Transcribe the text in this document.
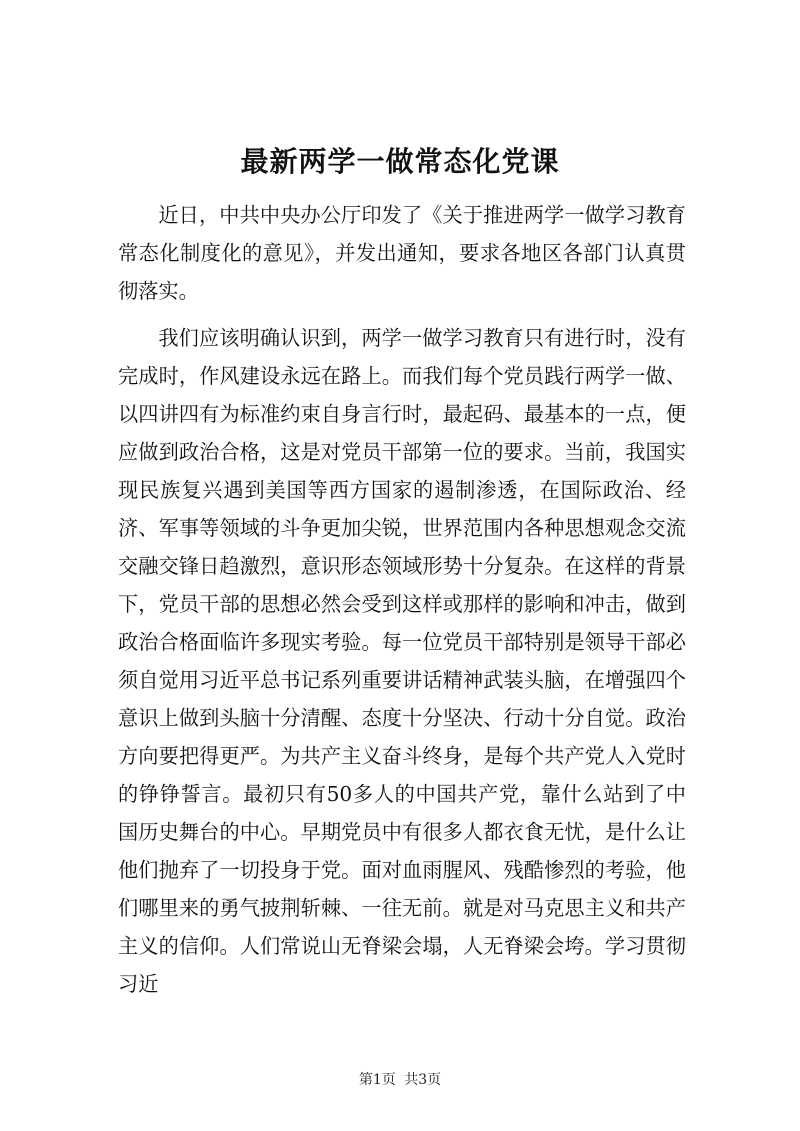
最新两学一做常态化党课

近日，中共中央办公厅印发了《关于推进两学一做学习教育常态化制度化的意见》，并发出通知，要求各地区各部门认真贯彻落实。

我们应该明确认识到，两学一做学习教育只有进行时，没有完成时，作风建设永远在路上。而我们每个党员践行两学一做、以四讲四有为标准约束自身言行时，最起码、最基本的一点，便应做到政治合格，这是对党员干部第一位的要求。当前，我国实现民族复兴遇到美国等西方国家的遏制渗透，在国际政治、经济、军事等领域的斗争更加尖锐，世界范围内各种思想观念交流交融交锋日趋激烈，意识形态领域形势十分复杂。在这样的背景下，党员干部的思想必然会受到这样或那样的影响和冲击，做到政治合格面临许多现实考验。每一位党员干部特别是领导干部必须自觉用习近平总书记系列重要讲话精神武装头脑，在增强四个意识上做到头脑十分清醒、态度十分坚决、行动十分自觉。政治方向要把得更严。为共产主义奋斗终身，是每个共产党人入党时的铮铮誓言。最初只有50多人的中国共产党，靠什么站到了中国历史舞台的中心。早期党员中有很多人都衣食无忧，是什么让他们抛弃了一切投身于党。面对血雨腥风、残酷惨烈的考验，他们哪里来的勇气披荆斩棘、一往无前。就是对马克思主义和共产主义的信仰。人们常说山无脊梁会塌，人无脊梁会垮。学习贯彻习近

第1页 共3页
